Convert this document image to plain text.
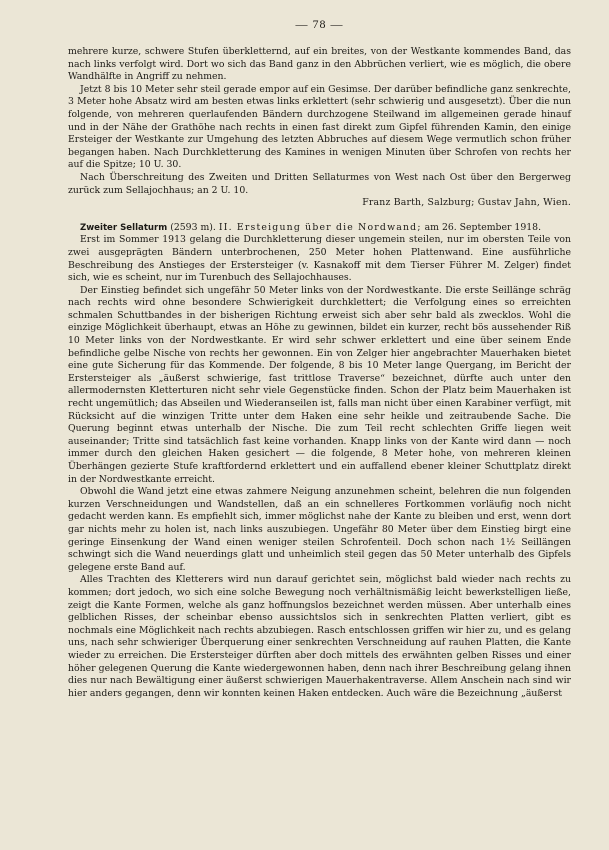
— 78 —

mehrere kurze, schwere Stufen überkletternd, auf ein breites, von der Westkante kommendes Band, das nach links verfolgt wird. Dort wo sich das Band ganz in den Abbrüchen verliert, wie es möglich, die obere Wandhälfte in Angriff zu nehmen.

Jetzt 8 bis 10 Meter sehr steil gerade empor auf ein Gesimse. Der darüber befindliche ganz senkrechte, 3 Meter hohe Absatz wird am besten etwas links erklettert (sehr schwierig und ausgesetzt). Über die nun folgende, von mehreren querlaufenden Bändern durchzogene Steilwand im allgemeinen gerade hinauf und in der Nähe der Grathöhe nach rechts in einen fast direkt zum Gipfel führenden Kamin, den einige Ersteiger der Westkante zur Umgehung des letzten Abbruches auf diesem Wege vermutlich schon früher begangen haben. Nach Durchkletterung des Kamines in wenigen Minuten über Schrofen von rechts her auf die Spitze; 10 U. 30.

Nach Überschreitung des Zweiten und Dritten Sellaturmes von West nach Ost über den Bergerweg zurück zum Sellajochhaus; an 2 U. 10.

Franz Barth, Salzburg; Gustav Jahn, Wien.

Zweiter Sellaturm (2593 m). II. Ersteigung über die Nordwand; am 26. September 1918.

Erst im Sommer 1913 gelang die Durchkletterung dieser ungemein steilen, nur im obersten Teile von zwei ausgeprägten Bändern unterbrochenen, 250 Meter hohen Plattenwand. Eine ausführliche Beschreibung des Anstieges der Erstersteiger (v. Kasnakoff mit dem Tierser Führer M. Zelger) findet sich, wie es scheint, nur im Turenbuch des Sellajochhauses.

Der Einstieg befindet sich ungefähr 50 Meter links von der Nordwestkante. Die erste Seillänge schräg nach rechts wird ohne besondere Schwierigkeit durchklettert; die Verfolgung eines so erreichten schmalen Schuttbandes in der bisherigen Richtung erweist sich aber sehr bald als zwecklos. Wohl die einzige Möglichkeit überhaupt, etwas an Höhe zu gewinnen, bildet ein kurzer, recht bös aussehender Riß 10 Meter links von der Nordwestkante. Er wird sehr schwer erklettert und eine über seinem Ende befindliche gelbe Nische von rechts her gewonnen. Ein von Zelger hier angebrachter Mauerhaken bietet eine gute Sicherung für das Kommende. Der folgende, 8 bis 10 Meter lange Quergang, im Bericht der Erstersteiger als „äußerst schwierige, fast trittlose Traverse“ bezeichnet, dürfte auch unter den allermodernsten Kletterturen nicht sehr viele Gegenstücke finden. Schon der Platz beim Mauerhaken ist recht ungemütlich; das Abseilen und Wiederanseilen ist, falls man nicht über einen Karabiner verfügt, mit Rücksicht auf die winzigen Tritte unter dem Haken eine sehr heikle und zeitraubende Sache. Die Querung beginnt etwas unterhalb der Nische. Die zum Teil recht schlechten Griffe liegen weit auseinander; Tritte sind tatsächlich fast keine vorhanden. Knapp links von der Kante wird dann — noch immer durch den gleichen Haken gesichert — die folgende, 8 Meter hohe, von mehreren kleinen Überhängen gezierte Stufe kraftfordernd erklettert und ein auffallend ebener kleiner Schuttplatz direkt in der Nordwestkante erreicht.

Obwohl die Wand jetzt eine etwas zahmere Neigung anzunehmen scheint, belehren die nun folgenden kurzen Verschneidungen und Wandstellen, daß an ein schnelleres Fortkommen vorläufig noch nicht gedacht werden kann. Es empfiehlt sich, immer möglichst nahe der Kante zu bleiben und erst, wenn dort gar nichts mehr zu holen ist, nach links auszubiegen. Ungefähr 80 Meter über dem Einstieg birgt eine geringe Einsenkung der Wand einen weniger steilen Schrofenteil. Doch schon nach 1½ Seillängen schwingt sich die Wand neuerdings glatt und unheimlich steil gegen das 50 Meter unterhalb des Gipfels gelegene erste Band auf.

Alles Trachten des Kletterers wird nun darauf gerichtet sein, möglichst bald wieder nach rechts zu kommen; dort jedoch, wo sich eine solche Bewegung noch verhältnismäßig leicht bewerkstelligen ließe, zeigt die Kante Formen, welche als ganz hoffnungslos bezeichnet werden müssen. Aber unterhalb eines gelblichen Risses, der scheinbar ebenso aussichtslos sich in senkrechten Platten verliert, gibt es nochmals eine Möglichkeit nach rechts abzubiegen. Rasch entschlossen griffen wir hier zu, und es gelang uns, nach sehr schwieriger Überquerung einer senkrechten Verschneidung auf rauhen Platten, die Kante wieder zu erreichen. Die Erstersteiger dürften aber doch mittels des erwähnten gelben Risses und einer höher gelegenen Querung die Kante wiedergewonnen haben, denn nach ihrer Beschreibung gelang ihnen dies nur nach Bewältigung einer äußerst schwierigen Mauerhakentraverse. Allem Anschein nach sind wir hier anders gegangen, denn wir konnten keinen Haken entdecken. Auch wäre die Bezeichnung „äußerst
